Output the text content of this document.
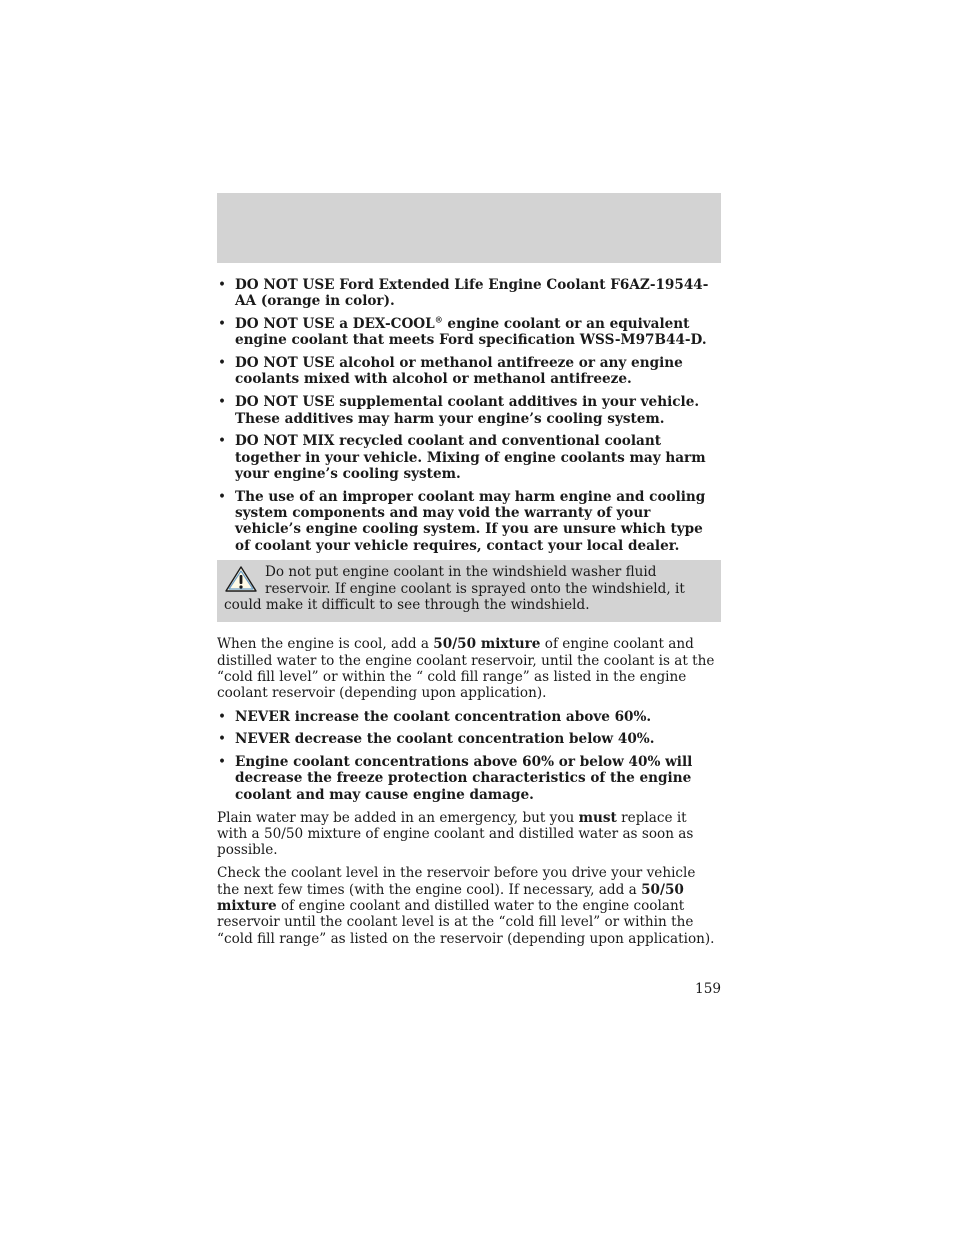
• DO NOT USE Ford Extended Life Engine Coolant F6AZ-19544-AA (orange in color).
• DO NOT USE a DEX-COOL® engine coolant or an equivalent engine coolant that meets Ford specification WSS-M97B44-D.
• DO NOT USE alcohol or methanol antifreeze or any engine coolants mixed with alcohol or methanol antifreeze.
• DO NOT USE supplemental coolant additives in your vehicle. These additives may harm your engine’s cooling system.
• DO NOT MIX recycled coolant and conventional coolant together in your vehicle. Mixing of engine coolants may harm your engine’s cooling system.
• The use of an improper coolant may harm engine and cooling system components and may void the warranty of your vehicle’s engine cooling system. If you are unsure which type of coolant your vehicle requires, contact your local dealer.
Do not put engine coolant in the windshield washer fluid reservoir. If engine coolant is sprayed onto the windshield, it could make it difficult to see through the windshield.

When the engine is cool, add a 50/50 mixture of engine coolant and distilled water to the engine coolant reservoir, until the coolant is at the “cold fill level” or within the “ cold fill range” as listed in the engine coolant reservoir (depending upon application).

• NEVER increase the coolant concentration above 60%.
• NEVER decrease the coolant concentration below 40%.
• Engine coolant concentrations above 60% or below 40% will decrease the freeze protection characteristics of the engine coolant and may cause engine damage.

Plain water may be added in an emergency, but you must replace it with a 50/50 mixture of engine coolant and distilled water as soon as possible.

Check the coolant level in the reservoir before you drive your vehicle the next few times (with the engine cool). If necessary, add a 50/50 mixture of engine coolant and distilled water to the engine coolant reservoir until the coolant level is at the “cold fill level” or within the “cold fill range” as listed on the reservoir (depending upon application).

159
